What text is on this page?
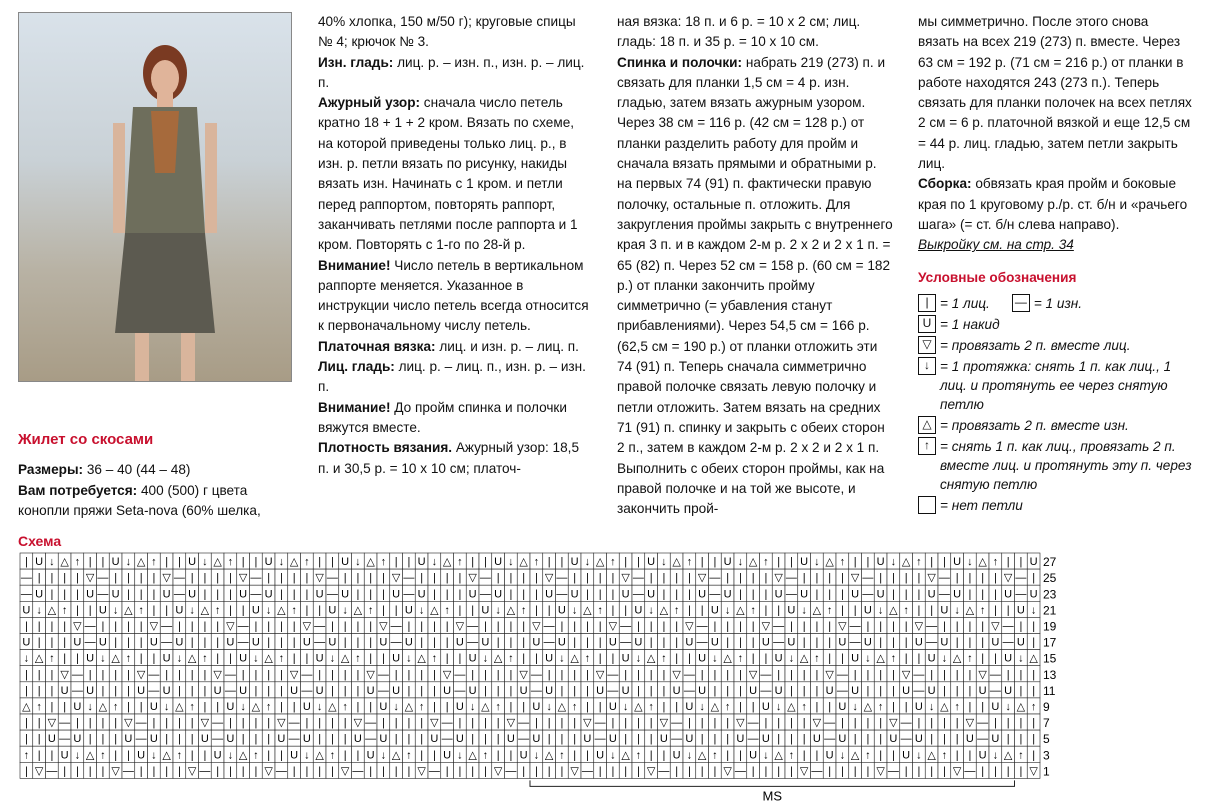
Жилет со скосами

Размеры: 36 – 40 (44 – 48)

Вам потребуется: 400 (500) г цвета конопли пряжи Seta-nova (60% шелка,

40% хлопка, 150 м/50 г); круговые спицы № 4; крючок № 3.

Изн. гладь: лиц. р. – изн. п., изн. р. – лиц. п.

Ажурный узор: сначала число петель кратно 18 + 1 + 2 кром. Вязать по схеме, на которой приведены только лиц. р., в изн. р. петли вязать по рисунку, накиды вязать изн. Начинать с 1 кром. и петли перед раппортом, повторять раппорт, заканчивать петлями после раппорта и 1 кром. Повторять с 1-го по 28-й р.

Внимание! Число петель в вертикальном раппорте меняется. Указанное в инструкции число петель всегда относится к первоначальному числу петель.

Платочная вязка: лиц. и изн. р. – лиц. п.

Лиц. гладь: лиц. р. – лиц. п., изн. р. – изн. п.

Внимание! До пройм спинка и полочки вяжутся вместе.

Плотность вязания. Ажурный узор: 18,5 п. и 30,5 р. = 10 х 10 см; платоч-

ная вязка: 18 п. и 6 р. = 10 х 2 см; лиц. гладь: 18 п. и 35 р. = 10 х 10 см.

Спинка и полочки: набрать 219 (273) п. и связать для планки 1,5 см = 4 р. изн. гладью, затем вязать ажурным узором. Через 38 см = 116 р. (42 см = 128 р.) от планки разделить работу для пройм и сначала вязать прямыми и обратными р. на первых 74 (91) п. фактически правую полочку, остальные п. отложить. Для закругления проймы закрыть с внутреннего края 3 п. и в каждом 2-м р. 2 х 2 и 2 х 1 п. = 65 (82) п. Через 52 см = 158 р. (60 см = 182 р.) от планки закончить пройму симметрично (= убавления станут прибавлениями). Через 54,5 см = 166 р. (62,5 см = 190 р.) от планки отложить эти 74 (91) п. Теперь сначала симметрично правой полочке связать левую полочку и петли отложить. Затем вязать на средних 71 (91) п. спинку и закрыть с обеих сторон 2 п., затем в каждом 2-м р. 2 х 2 и 2 х 1 п. Выполнить с обеих сторон проймы, как на правой полочке и на той же высоте, и закончить прой-

мы симметрично. После этого снова вязать на всех 219 (273) п. вместе. Через 63 см = 192 р. (71 см = 216 р.) от планки в работе находятся 243 (273 п.). Теперь связать для планки полочек на всех петлях 2 см = 6 р. платочной вязкой и еще 12,5 см = 44 р. лиц. гладью, затем петли закрыть лиц.

Сборка: обвязать края пройм и боковые края по 1 круговому р./р. ст. б/н и «рачьего шага» (= ст. б/н слева направо).

Выкройку см. на стр. 34

Условные обозначения

| = 1 лиц. — = 1 изн.
U = 1 накид
▽ = провязать 2 п. вместе лиц.
↓ = 1 протяжка: снять 1 п. как лиц., 1 лиц. и протянуть ее через снятую петлю
△ = провязать 2 п. вместе изн.
↑ = снять 1 п. как лиц., провязать 2 п. вместе лиц. и протянуть эту п. через снятую петлю
= нет петли
Схема
| U ↓ △ ↑ | | U ↓ △ ↑ | | U ↓ △ ↑ | | U ↓ △ ↑ | | U ↓ △ ↑ | | U ↓ △ ↑ | | U ↓ △ ↑ | | U ↓ △ ↑ | | U ↓ △ ↑ | | U ↓ △ ↑ | | U ↓ △ ↑ | | U ↓ △ ↑ | | U ↓ △ ↑ | | U
— | | | | ▽ — | | | | ▽ — | | | | ▽ — | | | | ▽ — | | | | ▽ — | | | | ▽ — | | | | ▽ — | | | | ▽ — | | | | ▽ — | | | | ▽ — | | | | ▽ — | | | | ▽ — | | | | ▽ — |
— U | | | U — U | | | U — U | | | U — U | | | U — U | | | U — U | | | U — U | | | U — U | | | U — U | | | U — U | | | U — U | | | U — U | | | U — U | | | U — U
U ↓ △ ↑ | | U ↓ △ ↑ | | U ↓ △ ↑ | | U ↓ △ ↑ | | U ↓ △ ↑ | | U ↓ △ ↑ | | U ↓ △ ↑ | | U ↓ △ ↑ | | U ↓ △ ↑ | | U ↓ △ ↑ | | U ↓ △ ↑ | | U ↓ △ ↑ | | U ↓ △ ↑ | | U ↓
| | | | ▽ — | | | | ▽ — | | | | ▽ — | | | | ▽ — | | | | ▽ — | | | | ▽ — | | | | ▽ — | | | | ▽ — | | | | ▽ — | | | | ▽ — | | | | ▽ — | | | | ▽ — | | | | ▽ — | |
U | | | U — U | | | U — U | | | U — U | | | U — U | | | U — U | | | U — U | | | U — U | | | U — U | | | U — U | | | U — U | | | U — U | | | U — U | | | U — U |
↓ △ ↑ | | U ↓ △ ↑ | | U ↓ △ ↑ | | U ↓ △ ↑ | | U ↓ △ ↑ | | U ↓ △ ↑ | | U ↓ △ ↑ | | U ↓ △ ↑ | | U ↓ △ ↑ | | U ↓ △ ↑ | | U ↓ △ ↑ | | U ↓ △ ↑ | | U ↓ △ ↑ | | U ↓ △
| | | ▽ — | | | | ▽ — | | | | ▽ — | | | | ▽ — | | | | ▽ — | | | | ▽ — | | | | ▽ — | | | | ▽ — | | | | ▽ — | | | | ▽ — | | | | ▽ — | | | | ▽ — | | | | ▽ — | | |
| | | U — U | | | U — U | | | U — U | | | U — U | | | U — U | | | U — U | | | U — U | | | U — U | | | U — U | | | U — U | | | U — U | | | U — U | | | U — U | |
△ ↑ | | U ↓ △ ↑ | | U ↓ △ ↑ | | U ↓ △ ↑ | | U ↓ △ ↑ | | U ↓ △ ↑ | | U ↓ △ ↑ | | U ↓ △ ↑ | | U ↓ △ ↑ | | U ↓ △ ↑ | | U ↓ △ ↑ | | U ↓ △ ↑ | | U ↓ △ ↑ | | U ↓ △ ↑
| | ▽ — | | | | ▽ — | | | | ▽ — | | | | ▽ — | | | | ▽ — | | | | ▽ — | | | | ▽ — | | | | ▽ — | | | | ▽ — | | | | ▽ — | | | | ▽ — | | | | ▽ — | | | | ▽ — | | | |
| | U — U | | | U — U | | | U — U | | | U — U | | | U — U | | | U — U | | | U — U | | | U — U | | | U — U | | | U — U | | | U — U | | | U — U | | | U — U | | |
↑ | | U ↓ △ ↑ | | U ↓ △ ↑ | | U ↓ △ ↑ | | U ↓ △ ↑ | | U ↓ △ ↑ | | U ↓ △ ↑ | | U ↓ △ ↑ | | U ↓ △ ↑ | | U ↓ △ ↑ | | U ↓ △ ↑ | | U ↓ △ ↑ | | U ↓ △ ↑ | | U ↓ △ ↑ |
| ▽ — | | | | ▽ — | | | | ▽ — | | | | ▽ — | | | | ▽ — | | | | ▽ — | | | | ▽ — | | | | ▽ — | | | | ▽ — | | | | ▽ — | | | | ▽ — | | | | ▽ — | | | | ▽ — | | | | ▽
27
25
23
21
19
17
15
13
11
9
7
5
3
1
MS
